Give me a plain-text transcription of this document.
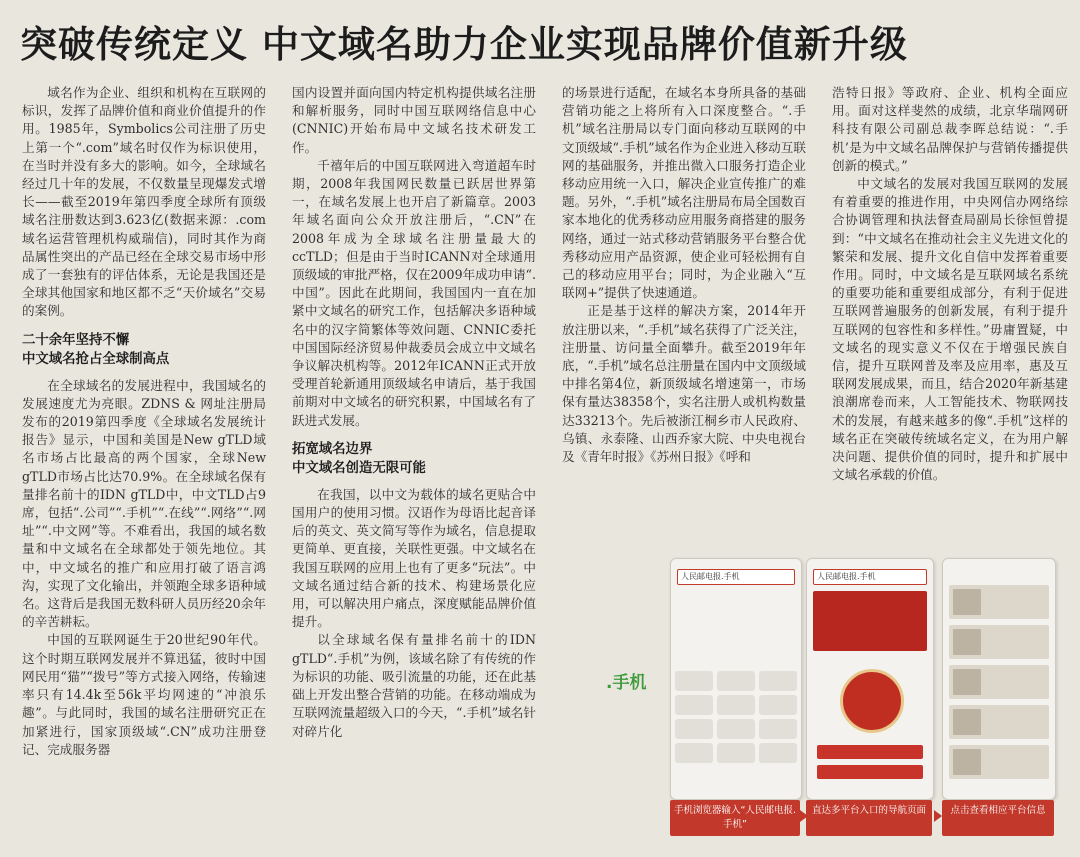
突破传统定义 中文域名助力企业实现品牌价值新升级

域名作为企业、组织和机构在互联网的标识，发挥了品牌价值和商业价值提升的作用。1985年，Symbolics公司注册了历史上第一个“.com”域名时仅作为标识使用，在当时并没有多大的影响。如今，全球域名经过几十年的发展，不仅数量呈现爆发式增长——截至2019年第四季度全球所有顶级域名注册数达到3.623亿(数据来源：.com域名运营管理机构威瑞信)，同时其作为商品属性突出的产品已经在全球交易市场中形成了一套独有的评估体系，无论是我国还是全球其他国家和地区都不乏“天价域名”交易的案例。

二十余年坚持不懈
中文域名抢占全球制高点

在全球域名的发展进程中，我国域名的发展速度尤为亮眼。ZDNS & 网址注册局发布的2019第四季度《全球域名发展统计报告》显示，中国和美国是New gTLD域名市场占比最高的两个国家，全球New gTLD市场占比达70.9%。在全球域名保有量排名前十的IDN gTLD中，中文TLD占9席，包括“.公司”“.手机”“.在线”“.网络”“.网址”“.中文网”等。不难看出，我国的域名数量和中文域名在全球都处于领先地位。其中，中文域名的推广和应用打破了语言鸿沟，实现了文化输出，并领跑全球多语种域名。这背后是我国无数科研人员历经20余年的辛苦耕耘。

中国的互联网诞生于20世纪90年代。这个时期互联网发展并不算迅猛，彼时中国网民用“猫”“拨号”等方式接入网络，传输速率只有14.4k至56k平均网速的“冲浪乐趣”。与此同时，我国的域名注册研究正在加紧进行，国家顶级域“.CN”成功注册登记、完成服务器

国内设置并面向国内特定机构提供域名注册和解析服务，同时中国互联网络信息中心(CNNIC)开始布局中文域名技术研发工作。

千禧年后的中国互联网进入弯道超车时期，2008年我国网民数量已跃居世界第一，在域名发展上也开启了新篇章。2003年域名面向公众开放注册后，“.CN”在2008年成为全球域名注册量最大的ccTLD；但是由于当时ICANN对全球通用顶级域的审批严格，仅在2009年成功申请“.中国”。因此在此期间，我国国内一直在加紧中文域名的研究工作，包括解决多语种域名中的汉字简繁体等效问题、CNNIC委托中国国际经济贸易仲裁委员会成立中文域名争议解决机构等。2012年ICANN正式开放受理首轮新通用顶级域名申请后，基于我国前期对中文域名的研究积累，中国域名有了跃进式发展。

拓宽域名边界
中文域名创造无限可能

在我国，以中文为载体的域名更贴合中国用户的使用习惯。汉语作为母语比起音译后的英文、英文简写等作为域名，信息提取更简单、更直接，关联性更强。中文域名在我国互联网的应用上也有了更多“玩法”。中文域名通过结合新的技术、构建场景化应用，可以解决用户痛点，深度赋能品牌价值提升。

以全球域名保有量排名前十的IDN gTLD“.手机”为例，该域名除了有传统的作为标识的功能、吸引流量的功能，还在此基础上开发出整合营销的功能。在移动端成为互联网流量超级入口的今天，“.手机”域名针对碎片化

的场景进行适配，在域名本身所具备的基础营销功能之上将所有入口深度整合。“.手机”域名注册局以专门面向移动互联网的中文顶级域“.手机”域名作为企业进入移动互联网的基础服务，并推出微入口服务打造企业移动应用统一入口，解决企业宣传推广的难题。另外，“.手机”域名注册局布局全国数百家本地化的优秀移动应用服务商搭建的服务网络，通过一站式移动营销服务平台整合优秀移动应用产品资源，使企业可轻松拥有自己的移动应用平台；同时，为企业融入“互联网+”提供了快速通道。

正是基于这样的解决方案，2014年开放注册以来，“.手机”域名获得了广泛关注，注册量、访问量全面攀升。截至2019年年底，“.手机”域名总注册量在国内中文顶级域中排名第4位，新顶级域名增速第一，市场保有量达38358个，实名注册人或机构数量达33213个。先后被浙江桐乡市人民政府、乌镇、永泰隆、山西乔家大院、中央电视台及《青年时报》《苏州日报》《呼和

浩特日报》等政府、企业、机构全面应用。面对这样斐然的成绩，北京华瑞网研科技有限公司副总裁李晖总结说：“.手机’是为中文域名品牌保护与营销传播提供创新的模式。”

中文域名的发展对我国互联网的发展有着重要的推进作用，中央网信办网络综合协调管理和执法督查局副局长徐恒曾提到：“中文域名在推动社会主义先进文化的繁荣和发展、提升文化自信中发挥着重要作用。同时，中文域名是互联网域名系统的重要功能和重要组成部分，有利于促进互联网普遍服务的创新发展，有利于提升互联网的包容性和多样性。”毋庸置疑，中文域名的现实意义不仅在于增强民族自信，提升互联网普及率及应用率，惠及互联网发展成果，而且，结合2020年新基建浪潮席卷而来，人工智能技术、物联网技术的发展，有越来越多的像“.手机”这样的域名正在突破传统域名定义，在为用户解决问题、提供价值的同时，提升和扩展中文域名承载的价值。

.手机
人民邮电报.手机	人民邮电报.手机
手机浏览器输入“人民邮电报.手机”
直达多平台入口的导航页面	点击查看相应平台信息
